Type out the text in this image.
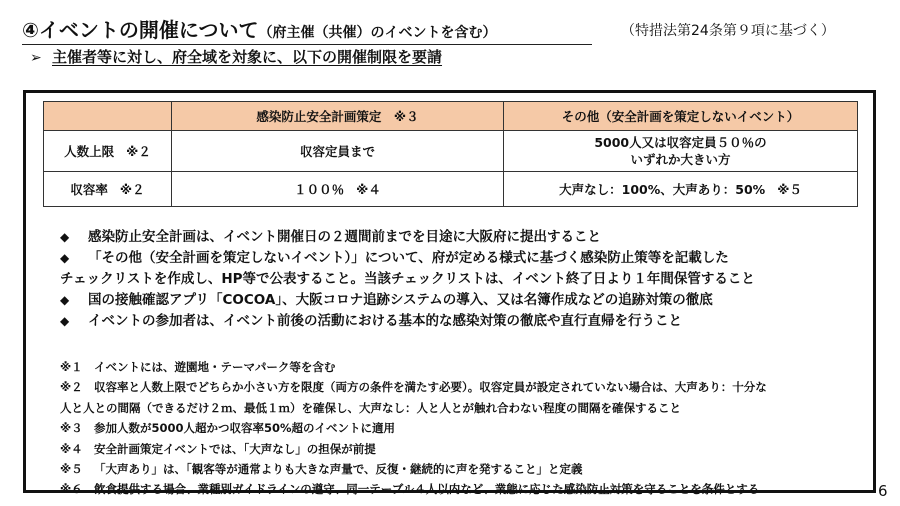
④イベントの開催について（府主催（共催）のイベントを含む）	（特措法第24条第９項に基づく）
➢ 主催者等に対し、府全域を対象に、以下の開催制限を要請
	感染防止安全計画策定　※３	その他（安全計画を策定しないイベント）
人数上限 ※２	収容定員まで	5000人又は収容定員５０％の
いずれか大きい方

収容率 ※２	１００％ ※４	大声なし：100%、大声あり：50% ※５
◆	感染防止安全計画は、イベント開催日の２週間前までを目途に大阪府に提出すること
◆	「その他（安全計画を策定しないイベント）」について、府が定める様式に基づく感染防止策等を記載した
チェックリストを作成し、HP等で公表すること。当該チェックリストは、イベント終了日より１年間保管すること
◆	国の接触確認アプリ「COCOA」、大阪コロナ追跡システムの導入、又は名簿作成などの追跡対策の徹底
◆	イベントの参加者は、イベント前後の活動における基本的な感染対策の徹底や直行直帰を行うこと
※１ イベントには、遊園地・テーマパーク等を含む
※２ 収容率と人数上限でどちらか小さい方を限度（両方の条件を満たす必要）。収容定員が設定されていない場合は、大声あり：十分な
人と人との間隔（できるだけ２ｍ、最低１ｍ）を確保し、大声なし：人と人とが触れ合わない程度の間隔を確保すること
※３ 参加人数が5000人超かつ収容率50%超のイベントに適用
※４ 安全計画策定イベントでは、「大声なし」の担保が前提
※５ 「大声あり」は、「観客等が通常よりも大きな声量で、反復・継続的に声を発すること」と定義
※６ 飲食提供する場合、業種別ガイドラインの遵守、同一テーブル４人以内など、業態に応じた感染防止対策を守ることを条件とする	6
